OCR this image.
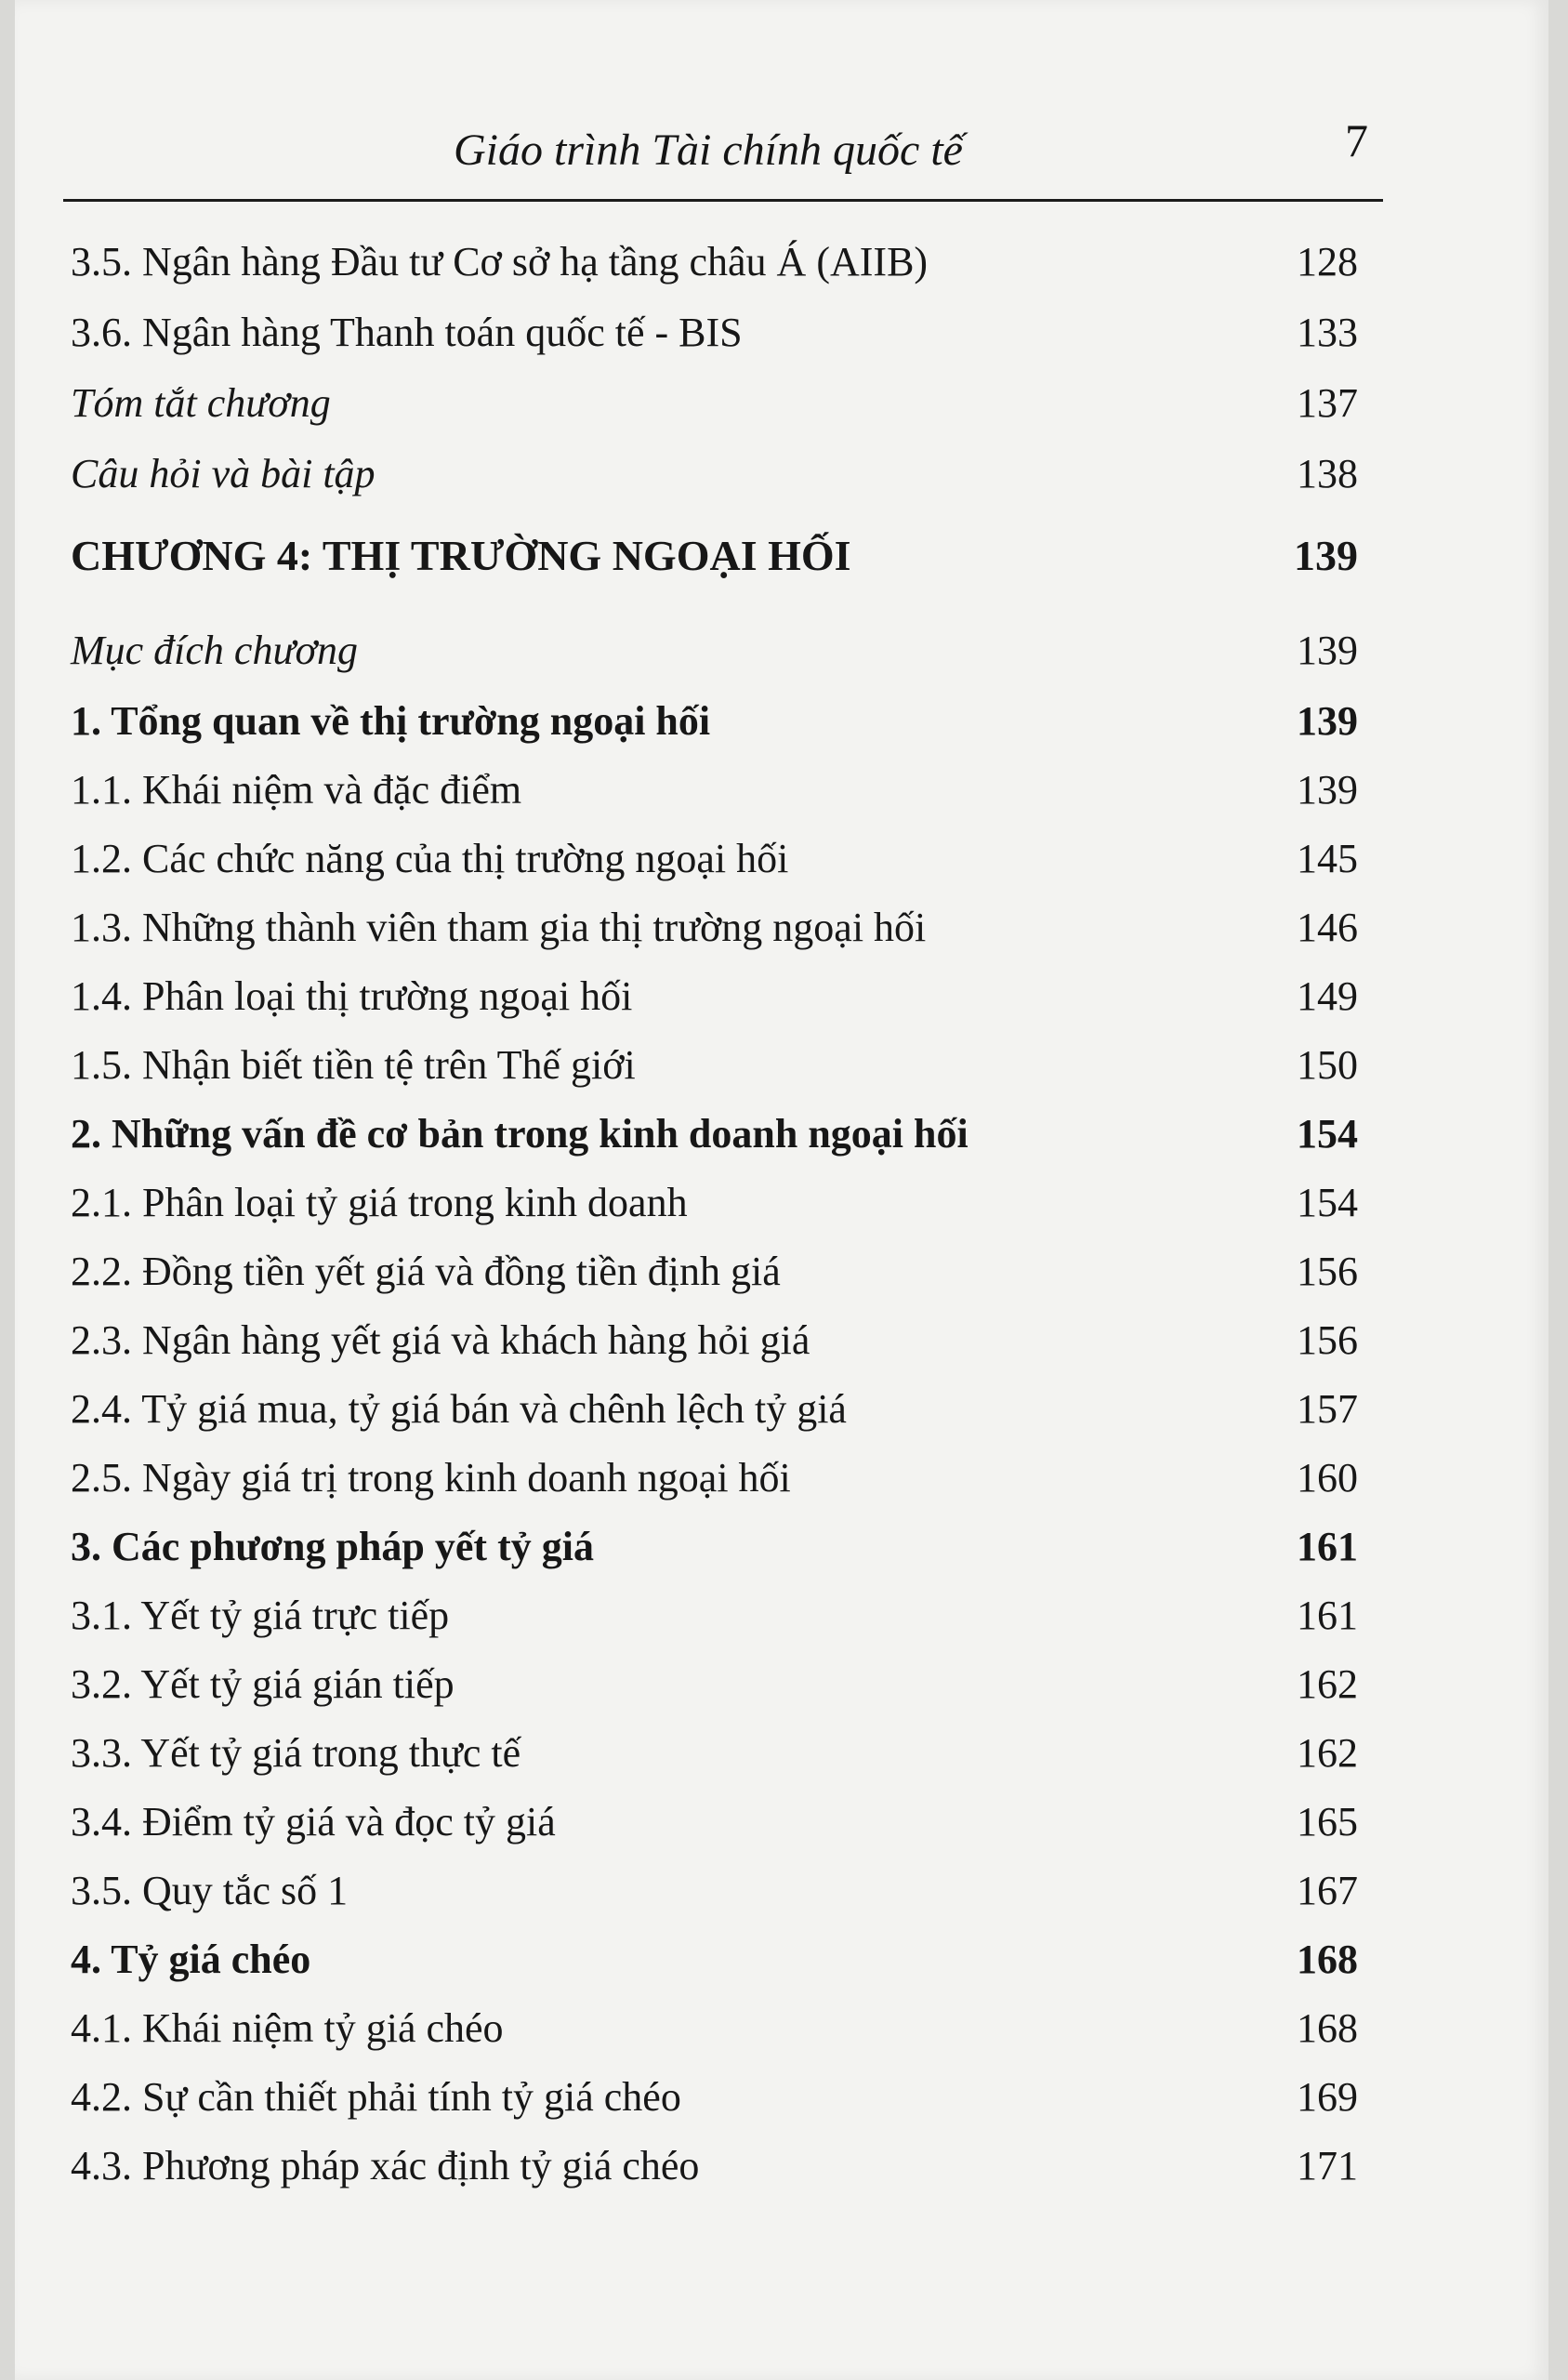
Giáo trình Tài chính quốc tế	7
3.5. Ngân hàng Đầu tư Cơ sở hạ tầng châu Á (AIIB)	128
3.6. Ngân hàng Thanh toán quốc tế - BIS	133
Tóm tắt chương	137
Câu hỏi và bài tập	138
CHƯƠNG 4: THỊ TRƯỜNG NGOẠI HỐI	139
Mục đích chương	139
1. Tổng quan về thị trường ngoại hối	139
1.1. Khái niệm và đặc điểm	139
1.2. Các chức năng của thị trường ngoại hối	145
1.3. Những thành viên tham gia thị trường ngoại hối	146
1.4. Phân loại thị trường ngoại hối	149
1.5. Nhận biết tiền tệ trên Thế giới	150
2. Những vấn đề cơ bản trong kinh doanh ngoại hối	154
2.1. Phân loại tỷ giá trong kinh doanh	154
2.2. Đồng tiền yết giá và đồng tiền định giá	156
2.3. Ngân hàng yết giá và khách hàng hỏi giá	156
2.4. Tỷ giá mua, tỷ giá bán và chênh lệch tỷ giá	157
2.5. Ngày giá trị trong kinh doanh ngoại hối	160
3. Các phương pháp yết tỷ giá	161
3.1. Yết tỷ giá trực tiếp	161
3.2. Yết tỷ giá gián tiếp	162
3.3. Yết tỷ giá trong thực tế	162
3.4. Điểm tỷ giá và đọc tỷ giá	165
3.5. Quy tắc số 1	167
4. Tỷ giá chéo	168
4.1. Khái niệm tỷ giá chéo	168
4.2. Sự cần thiết phải tính tỷ giá chéo	169
4.3. Phương pháp xác định tỷ giá chéo	171
